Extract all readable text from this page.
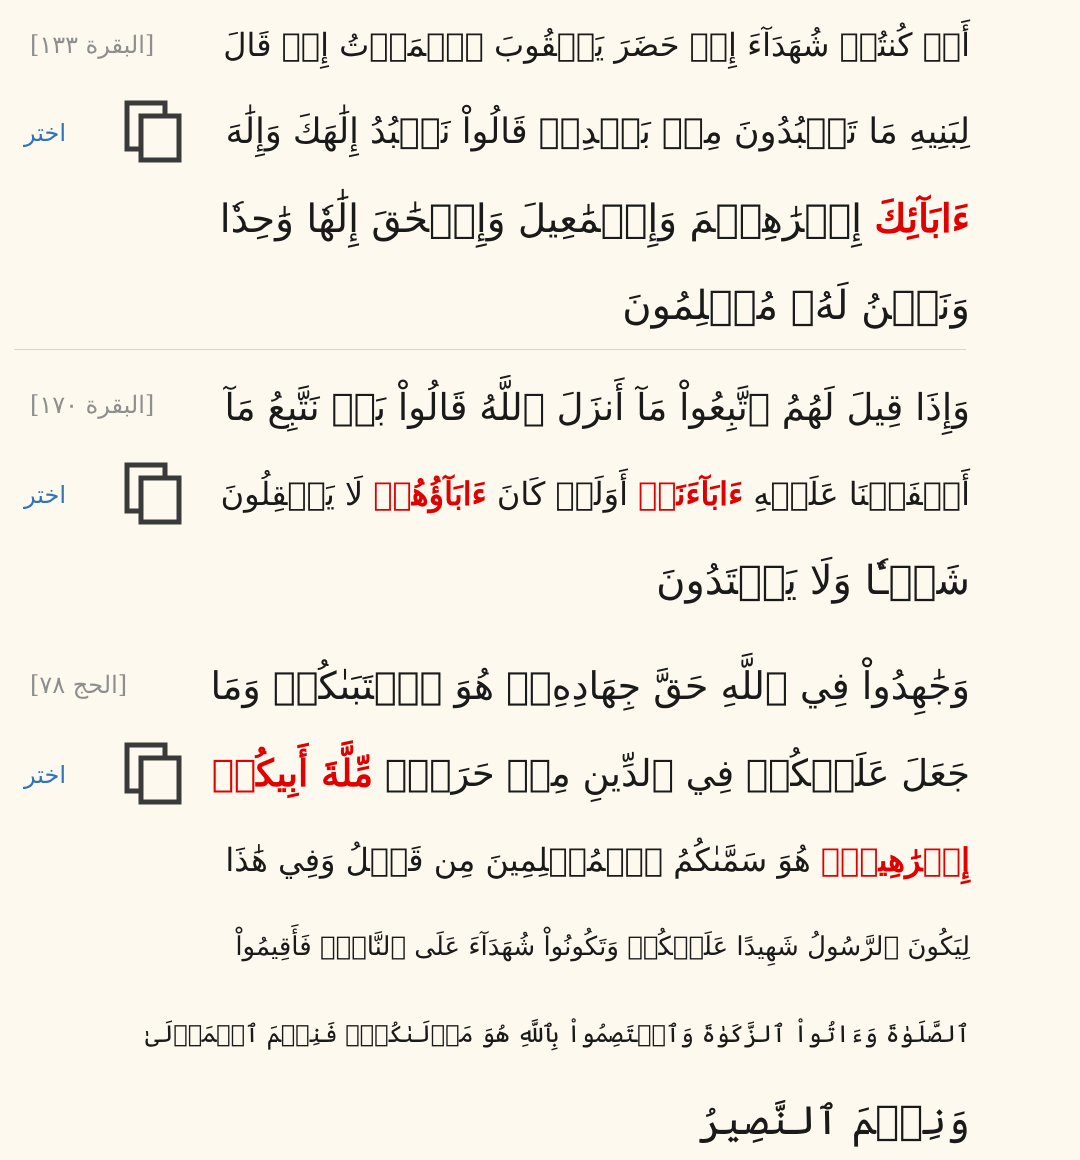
[البقرة ١٣٣]
اختر
أَمۡ كُنتُمۡ شُهَدَآءَ إِذۡ حَضَرَ يَعۡقُوبَ ٱلۡمَوۡتُ إِذۡ قَالَ
لِبَنِيهِ مَا تَعۡبُدُونَ مِنۢ بَعۡدِيۖ قَالُواْ نَعۡبُدُ إِلَٰهَكَ وَإِلَٰهَ
ءَابَآئِكَ إِبۡرَٰهِـۧمَ وَإِسۡمَٰعِيلَ وَإِسۡحَٰقَ إِلَٰهٗا وَٰحِدٗا
وَنَحۡنُ لَهُۥ مُسۡلِمُونَ
[البقرة ١٧٠]
اختر
وَإِذَا قِيلَ لَهُمُ ٱتَّبِعُواْ مَآ أَنزَلَ ٱللَّهُ قَالُواْ بَلۡ نَتَّبِعُ مَآ
أَلۡفَيۡنَا عَلَيۡهِ ءَابَآءَنَآۚ أَوَلَوۡ كَانَ ءَابَآؤُهُمۡ لَا يَعۡقِلُونَ
شَيۡـٔٗا وَلَا يَهۡتَدُونَ
[الحج ٧٨]
اختر
وَجَٰهِدُواْ فِي ٱللَّهِ حَقَّ جِهَادِهِۦۚ هُوَ ٱجۡتَبَىٰكُمۡ وَمَا
جَعَلَ عَلَيۡكُمۡ فِي ٱلدِّينِ مِنۡ حَرَجٖۚ مِّلَّةَ أَبِيكُمۡ
إِبۡرَٰهِيمَۚ هُوَ سَمَّىٰكُمُ ٱلۡمُسۡلِمِينَ مِن قَبۡلُ وَفِي هَٰذَا
لِيَكُونَ ٱلرَّسُولُ شَهِيدًا عَلَيۡكُمۡ وَتَكُونُواْ شُهَدَآءَ عَلَى ٱلنَّاسِۚ فَأَقِيمُواْ
ٱلصَّلَوٰةَ وَءَاتُواْ ٱلزَّكَوٰةَ وَٱعۡتَصِمُواْ بِٱللَّهِ هُوَ مَوۡلَىٰكُمۡۖ فَنِعۡمَ ٱلۡمَوۡلَىٰ
وَنِعۡمَ ٱلنَّصِيرُ
